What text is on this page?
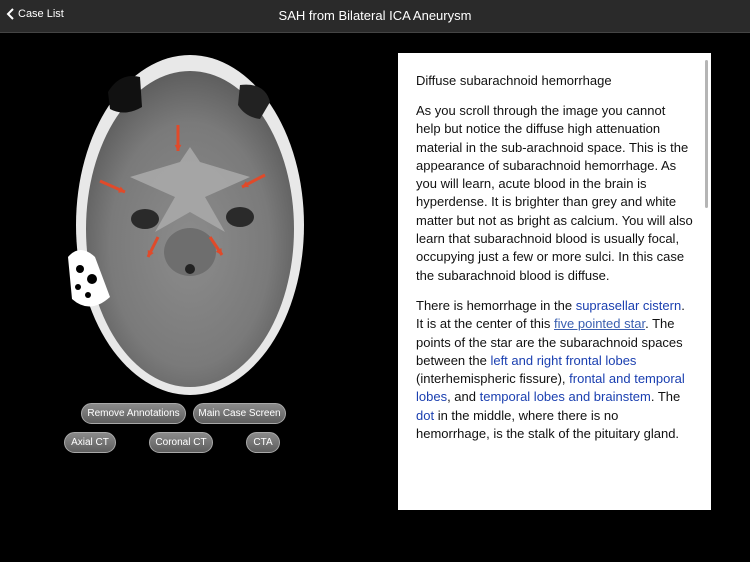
Case List	SAH from Bilateral ICA Aneurysm
Remove Annotations	Main Case Screen
Axial CT	Coronal CT	CTA
Diffuse subarachnoid hemorrhage

As you scroll through the image you cannot help but notice the diffuse high attenuation material in the sub-arachnoid space. This is the appearance of subarachnoid hemorrhage. As you will learn, acute blood in the brain is hyperdense. It is brighter than grey and white matter but not as bright as calcium. You will also learn that subarachnoid blood is usually focal, occupying just a few or more sulci. In this case the subarachnoid blood is diffuse.

There is hemorrhage in the suprasellar cistern. It is at the center of this five pointed star. The points of the star are the subarachnoid spaces between the left and right frontal lobes (interhemispheric fissure), frontal and temporal lobes, and temporal lobes and brainstem. The dot in the middle, where there is no hemorrhage, is the stalk of the pituitary gland.
